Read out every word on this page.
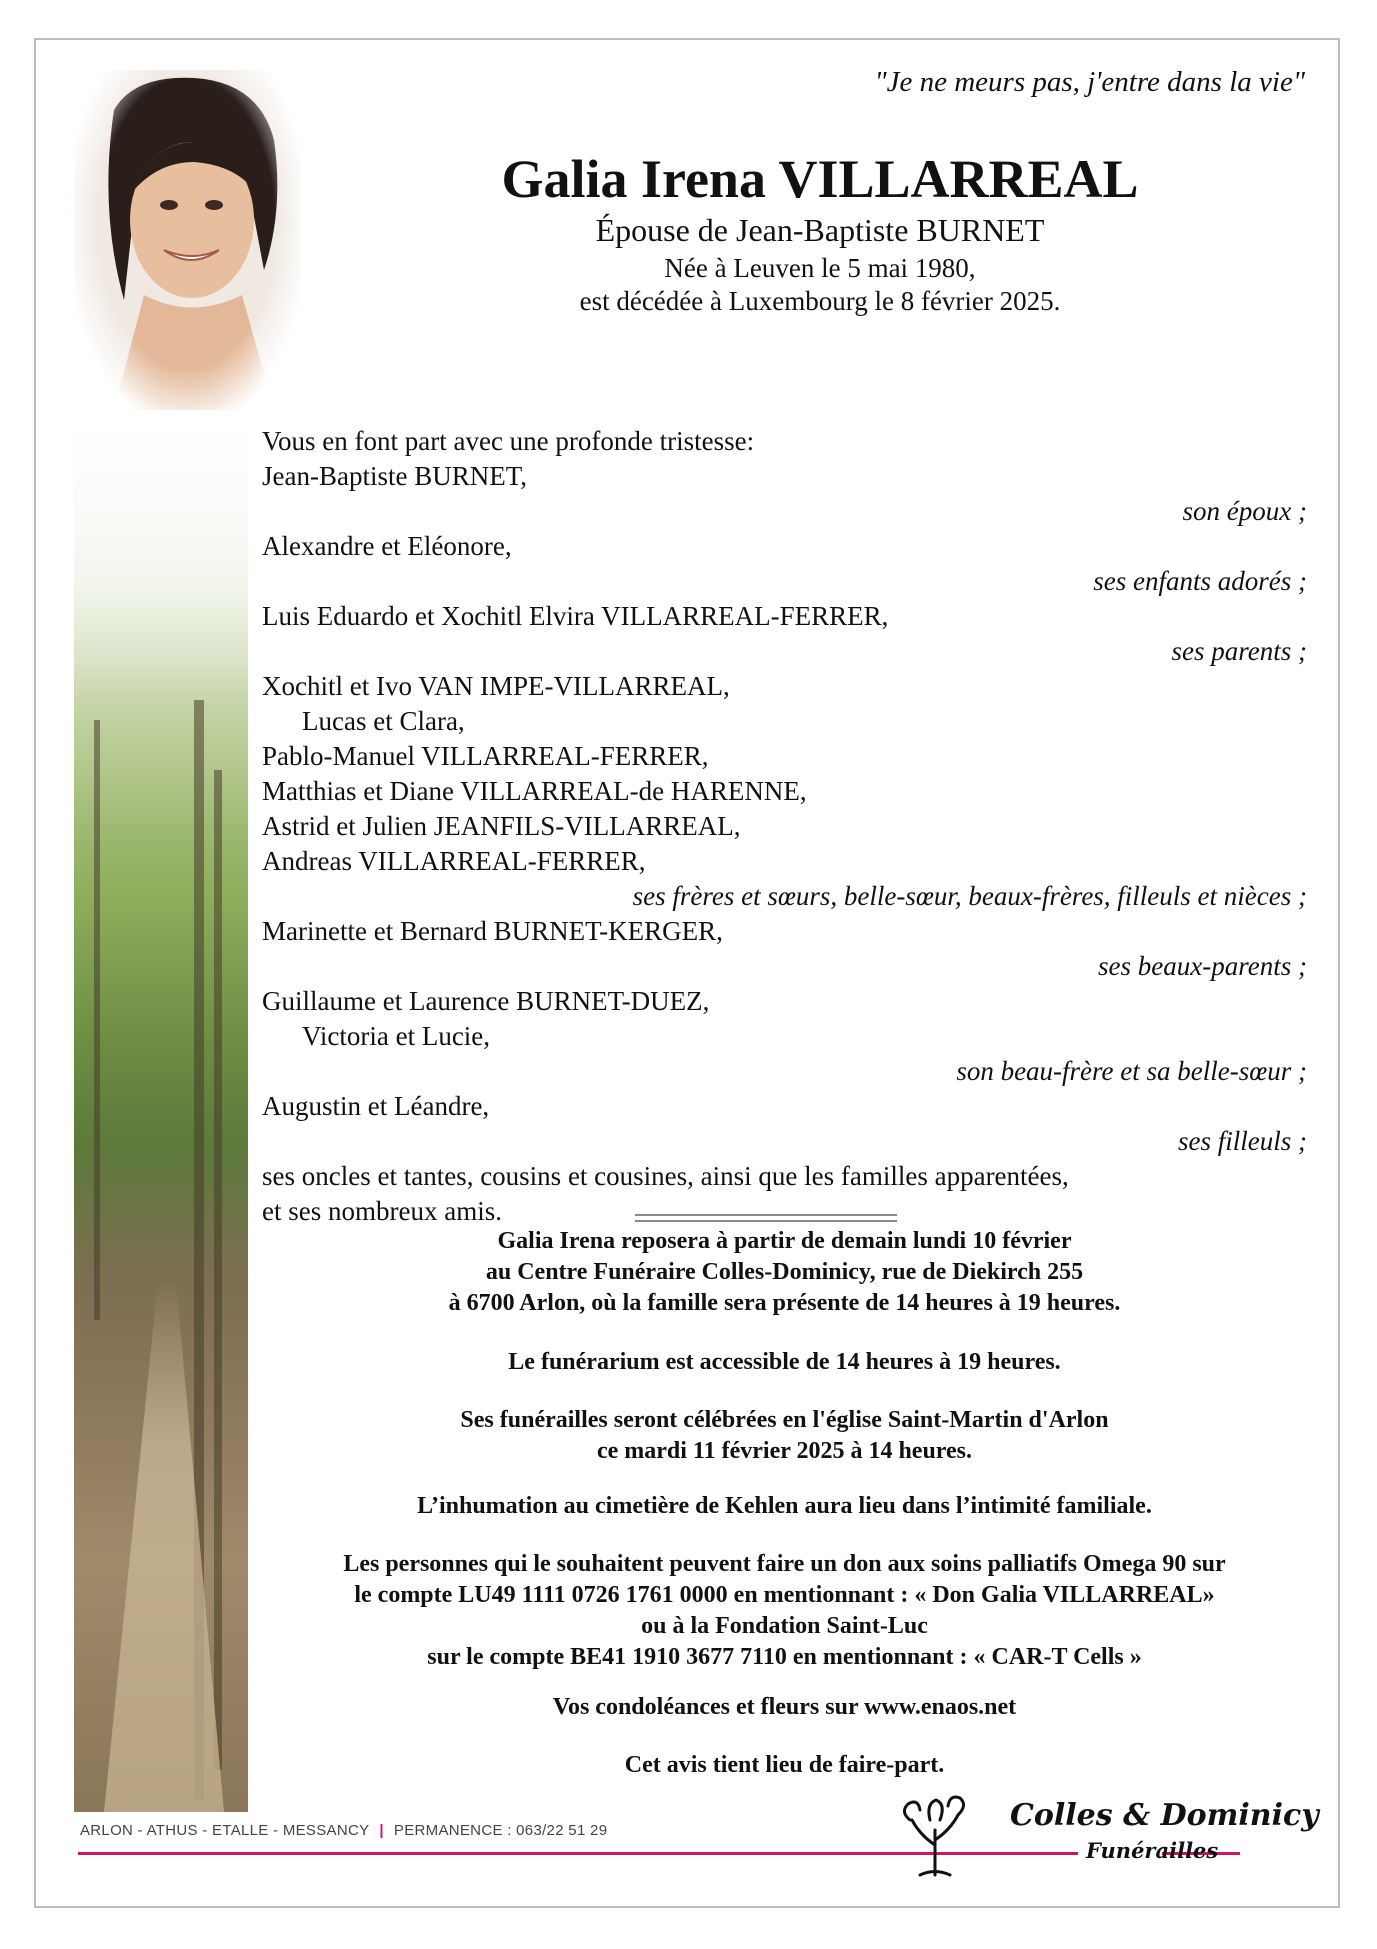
"Je ne meurs pas, j'entre dans la vie"
Galia Irena VILLARREAL
Épouse de Jean-Baptiste BURNET
Née à Leuven le 5 mai 1980,
est décédée à Luxembourg le 8 février 2025.
Vous en font part avec une profonde tristesse:
Jean-Baptiste BURNET,
son époux ;
Alexandre et Eléonore,
ses enfants adorés ;
Luis Eduardo et Xochitl Elvira VILLARREAL-FERRER,
ses parents ;
Xochitl et Ivo VAN IMPE-VILLARREAL,
Lucas et Clara,
Pablo-Manuel VILLARREAL-FERRER,
Matthias et Diane VILLARREAL-de HARENNE,
Astrid et Julien JEANFILS-VILLARREAL,
Andreas VILLARREAL-FERRER,
ses frères et sœurs, belle-sœur, beaux-frères, filleuls et nièces ;
Marinette et Bernard BURNET-KERGER,
ses beaux-parents ;
Guillaume et Laurence BURNET-DUEZ,
Victoria et Lucie,
son beau-frère et sa belle-sœur ;
Augustin et Léandre,
ses filleuls ;
ses oncles et tantes, cousins et cousines, ainsi que les familles apparentées,
et ses nombreux amis.
Galia Irena reposera à partir de demain lundi 10 février
au Centre Funéraire Colles-Dominicy, rue de Diekirch 255
à 6700 Arlon, où la famille sera présente de 14 heures à 19 heures.
Le funérarium est accessible de 14 heures à 19 heures.
Ses funérailles seront célébrées en l'église Saint-Martin d'Arlon
ce mardi 11 février 2025 à 14 heures.
L’inhumation au cimetière de Kehlen aura lieu dans l’intimité familiale.
Les personnes qui le souhaitent peuvent faire un don aux soins palliatifs Omega 90 sur
le compte LU49 1111 0726 1761 0000 en mentionnant : « Don Galia VILLARREAL»
ou à la Fondation Saint-Luc
sur le compte BE41 1910 3677 7110 en mentionnant : « CAR-T Cells »
Vos condoléances et fleurs sur www.enaos.net
Cet avis tient lieu de faire-part.
ARLON - ATHUS - ETALLE - MESSANCY | PERMANENCE : 063/22 51 29	Colles & Dominicy
Funérailles
